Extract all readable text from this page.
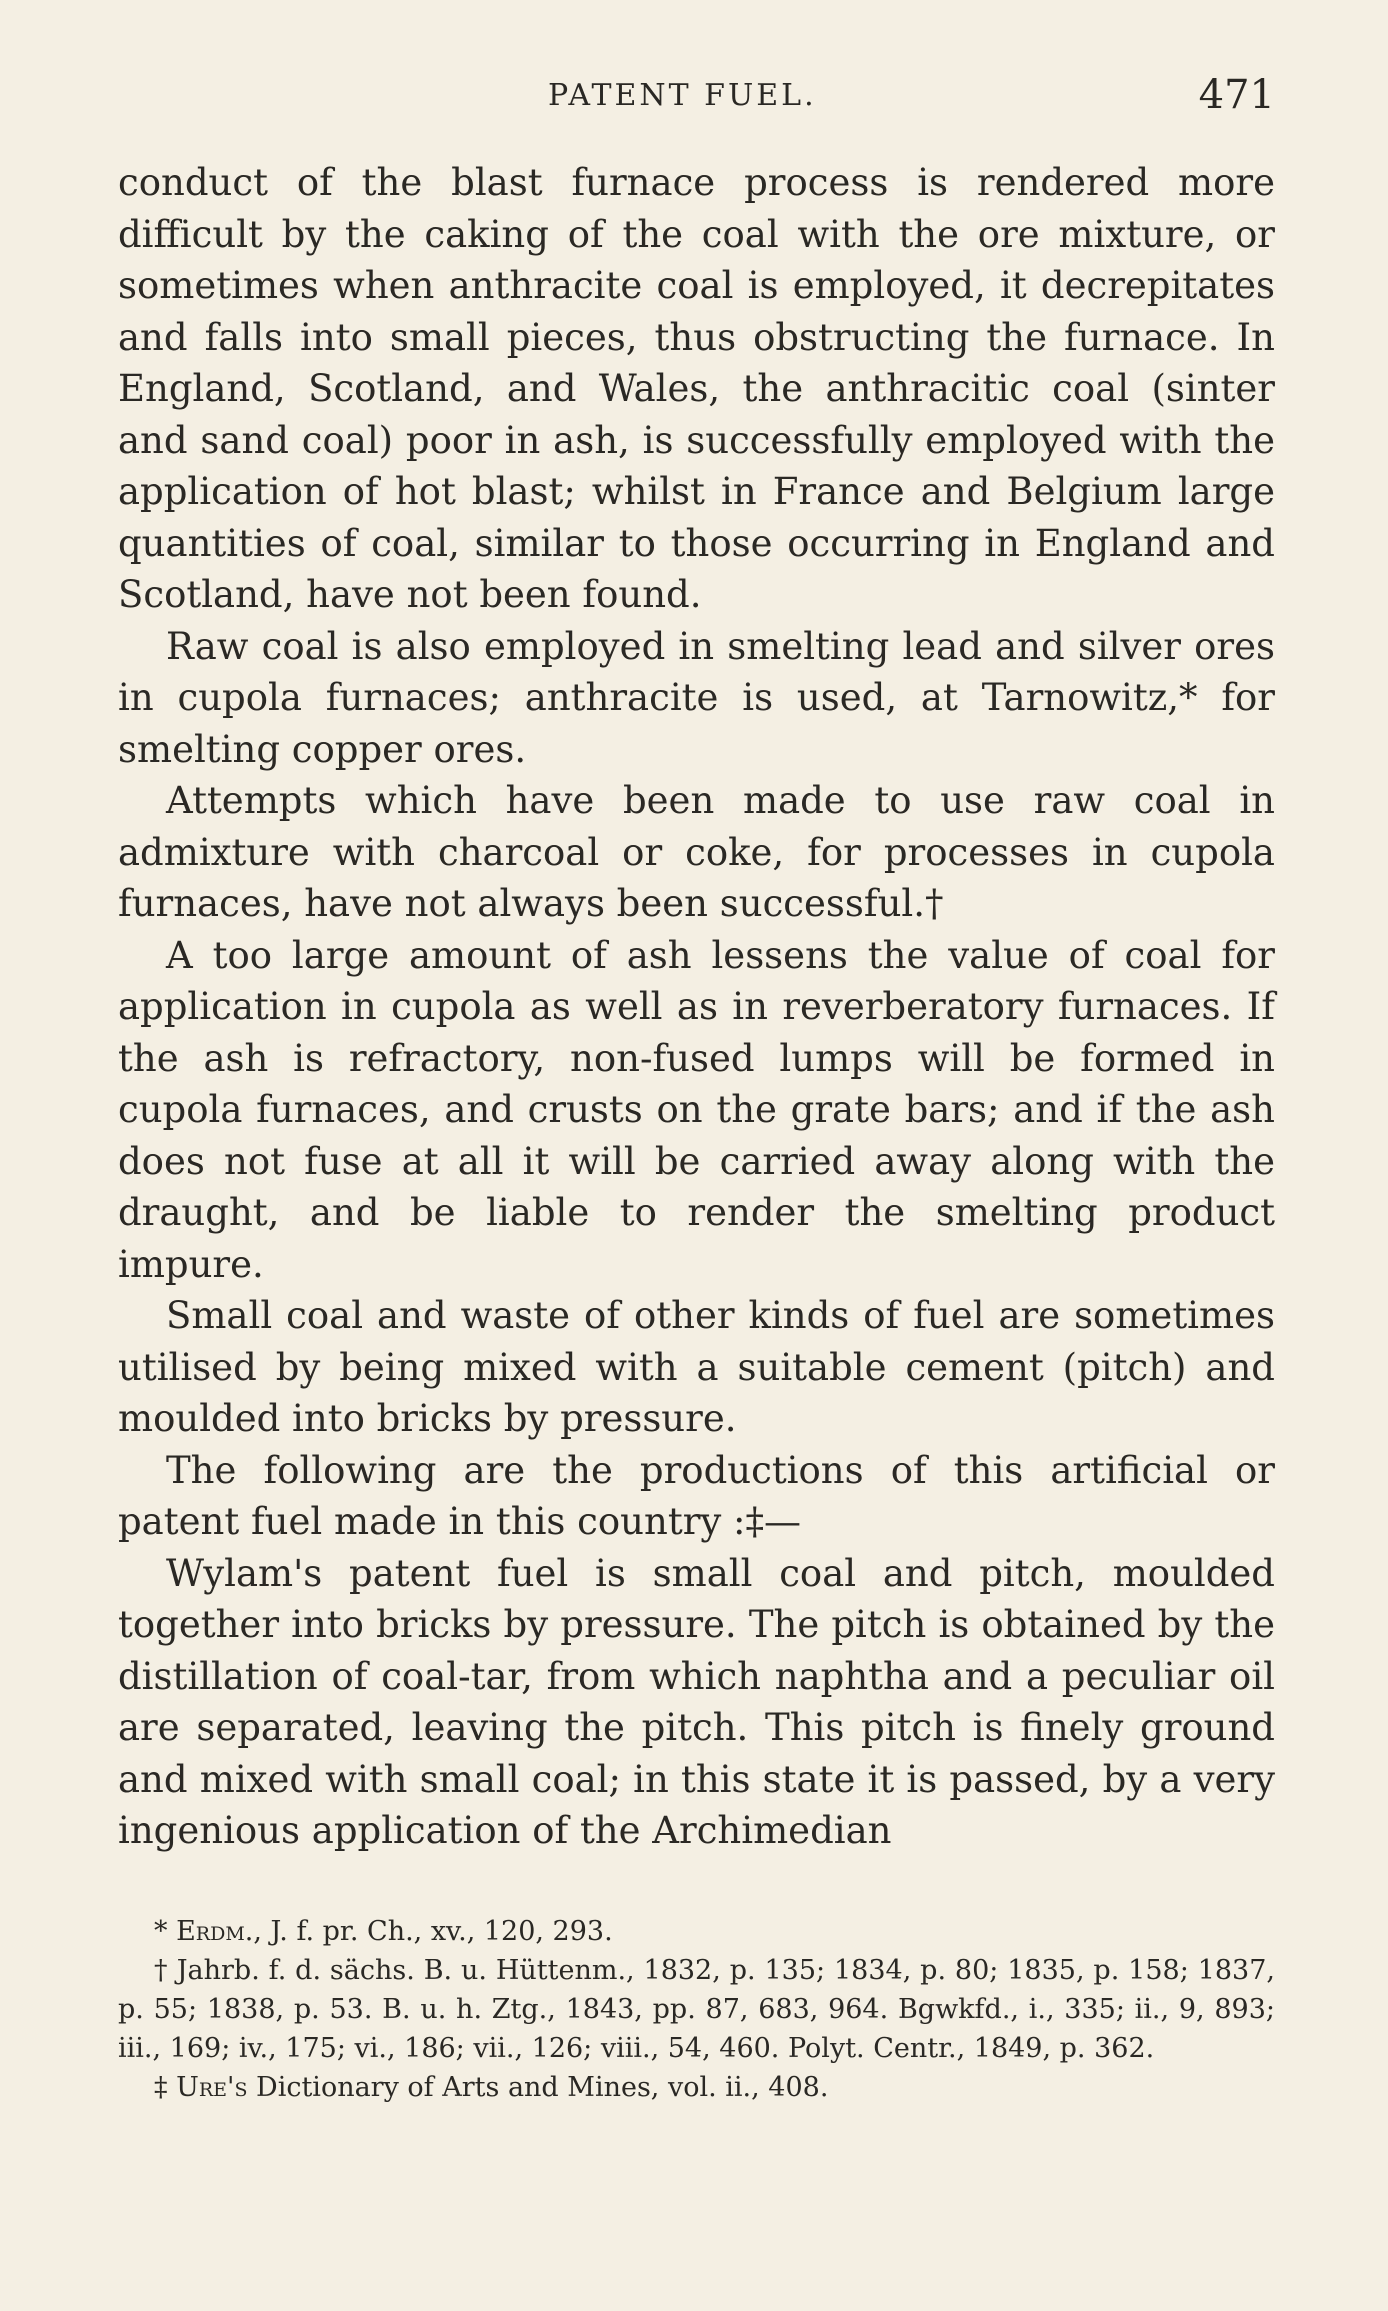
PATENT FUEL.	471

conduct of the blast furnace process is rendered more difficult by the caking of the coal with the ore mixture, or sometimes when anthracite coal is employed, it decrepitates and falls into small pieces, thus obstructing the furnace. In England, Scotland, and Wales, the anthracitic coal (sinter and sand coal) poor in ash, is successfully employed with the application of hot blast; whilst in France and Belgium large quantities of coal, similar to those occurring in England and Scotland, have not been found.

Raw coal is also employed in smelting lead and silver ores in cupola furnaces; anthracite is used, at Tarnowitz,* for smelting copper ores.

Attempts which have been made to use raw coal in admixture with charcoal or coke, for processes in cupola furnaces, have not always been successful.†

A too large amount of ash lessens the value of coal for application in cupola as well as in reverberatory furnaces. If the ash is refractory, non-fused lumps will be formed in cupola furnaces, and crusts on the grate bars; and if the ash does not fuse at all it will be carried away along with the draught, and be liable to render the smelting product impure.

Small coal and waste of other kinds of fuel are sometimes utilised by being mixed with a suitable cement (pitch) and moulded into bricks by pressure.

The following are the productions of this artificial or patent fuel made in this country :‡—

Wylam's patent fuel is small coal and pitch, moulded together into bricks by pressure. The pitch is obtained by the distillation of coal-tar, from which naphtha and a peculiar oil are separated, leaving the pitch. This pitch is finely ground and mixed with small coal; in this state it is passed, by a very ingenious application of the Archimedian

* Erdm., J. f. pr. Ch., xv., 120, 293.

† Jahrb. f. d. sächs. B. u. Hüttenm., 1832, p. 135; 1834, p. 80; 1835, p. 158; 1837, p. 55; 1838, p. 53. B. u. h. Ztg., 1843, pp. 87, 683, 964. Bgwkfd., i., 335; ii., 9, 893; iii., 169; iv., 175; vi., 186; vii., 126; viii., 54, 460. Polyt. Centr., 1849, p. 362.

‡ Ure's Dictionary of Arts and Mines, vol. ii., 408.
